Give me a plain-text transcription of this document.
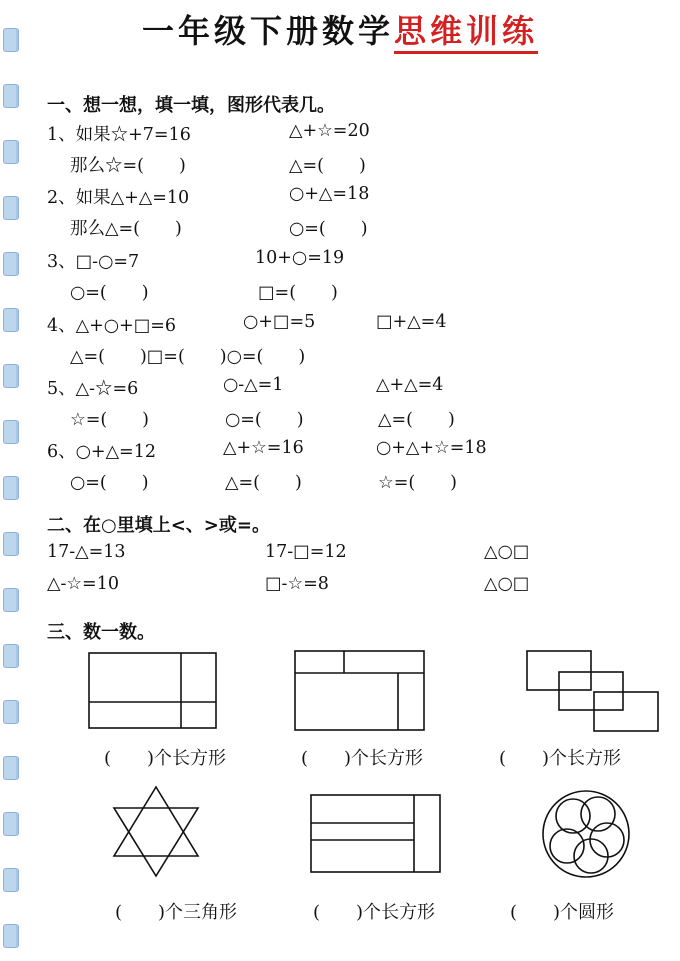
一年级下册数学思维训练
一、想一想，填一填，图形代表几。
1、如果☆+7=16	△+☆=20
那么☆=(　　)	△=(　　)
2、如果△+△=10	○+△=18
那么△=(　　)	○=(　　)
3、□-○=7	10+○=19
○=(　　)	□=(　　)
4、△+○+□=6	○+□=5	□+△=4
△=(　　)□=(　　)○=(　　)
5、△-☆=6	○-△=1	△+△=4
☆=(　　)	○=(　　)	△=(　　)
6、○+△=12	△+☆=16	○+△+☆=18
○=(　　)	△=(　　)	☆=(　　)
二、在○里填上<、>或=。
17-△=13	17-□=12	△○□
△-☆=10	□-☆=8	△○□
三、数一数。
(　　)个长方形	(　　)个长方形	(　　)个长方形
(　　)个三角形	(　　)个长方形	(　　)个圆形
